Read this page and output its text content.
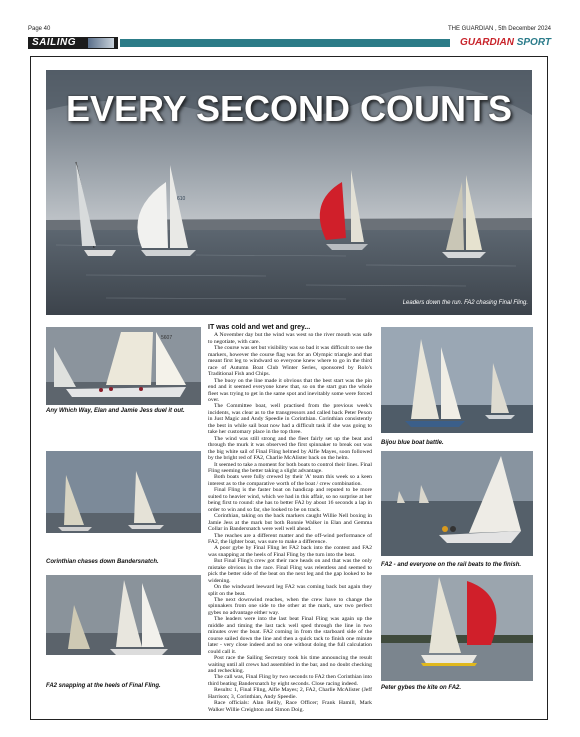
Page 40	THE GUARDIAN , 5th December 2024
SAILING	GUARDIAN SPORT
610
EVERY SECOND COUNTS
Leaders down the run. FA2 chasing Final Fling.
5607
Any Which Way, Elan and Jamie Jess duel it out.
Corinthian chases down Bandersnatch.
FA2 snapping at the heels of Final Fling.
Bijou blue boat battle.
FA2 - and everyone on the rail beats to the finish.
Peter gybes the kite on FA2.

IT was cold and wet and grey...

A November day but the wind was west so the river mouth was safe to negotiate, with care.

The course was set but visibility was so bad it was difficult to see the markers, however the course flag was for an Olympic triangle and that meant first leg to windward so everyone knew where to go in the third race of Autumn Boat Club Winter Series, sponsored by Rolo's Traditional Fish and Chips.

The buoy on the line made it obvious that the best start was the pin end and it seemed everyone knew that, so on the start gun the whole fleet was trying to get in the same spot and inevitably some were forced over.

The Committee boat, well practised from the previous week's incidents, was clear as to the transgressors and called back Peter Pexon in Just Magic and Andy Speedie in Corinthian. Corinthian consistently the best in while sail boat now had a difficult task if she was going to take her customary place in the top three.

The wind was still strong and the fleet fairly set up the beat and through the murk it was observed the first spinnaker to break out was the big white sail of Final Fling helmed by Alfie Mayes, soon followed by the bright red of FA2, Charlie McAlister back on the helm.

It seemed to take a moment for both boats to control their lines. Final Fling seeming the better taking a slight advantage.

Both boats were fully crewed by their 'A' team this week so a keen interest as to the comparative worth of the boat / crew combination.

Final Fling is the faster boat on handicap and reputed to be more suited to heavier wind, which we had in this affair, so no surprise at her being first to round: she has to better FA2 by about 16 seconds a lap in order to win and so far, she looked to be on track.

Corinthian, taking on the back markers caught Willie Nell boxing in Jamie Jess at the mark but both Ronnie Walker in Elan and Gemma Collar in Bandersnatch were well well ahead.

The reaches are a different matter and the off-wind performance of FA2, the lighter boat, was sure to make a difference.

A poor gybe by Final Fling let FA2 back into the contest and FA2 was snapping at the heels of Final Fling by the turn into the beat.

But Final Fling's crew got their race heads on and that was the only mistake obvious in the race. Final Fling was relentless and seemed to pick the better side of the beat on the next leg and the gap looked to be widening.

On the windward leeward leg FA2 was coming back but again they split on the beat.

The next downwind reaches, when the crew have to change the spinnakers from one side to the other at the mark, saw two perfect gybes no advantage either way.

The leaders were into the last beat Final Fling was again up the middle and timing the last tack well sped through the line in two minutes over the boat. FA2 coming in from the starboard side of the course sailed down the line and then a quick tack to finish one minute later - very close indeed and no one without doing the full calculation could call it.

Post race the Sailing Secretary took his time announcing the result waiting until all crews had assembled in the bar, and no doubt checking and rechecking.

The call was, Final Fling by two seconds to FA2 then Corinthian into third beating Bandersnatch by eight seconds. Close racing indeed.

Results: 1, Final Fling, Alfie Mayes; 2, FA2, Charlie McAlister (Jeff Harrison; 3, Corinthian, Andy Speedie.

Race officials: Alan Reilly, Race Officer; Frank Hamill, Mark Walker Willie Creighton and Simon Doig.
